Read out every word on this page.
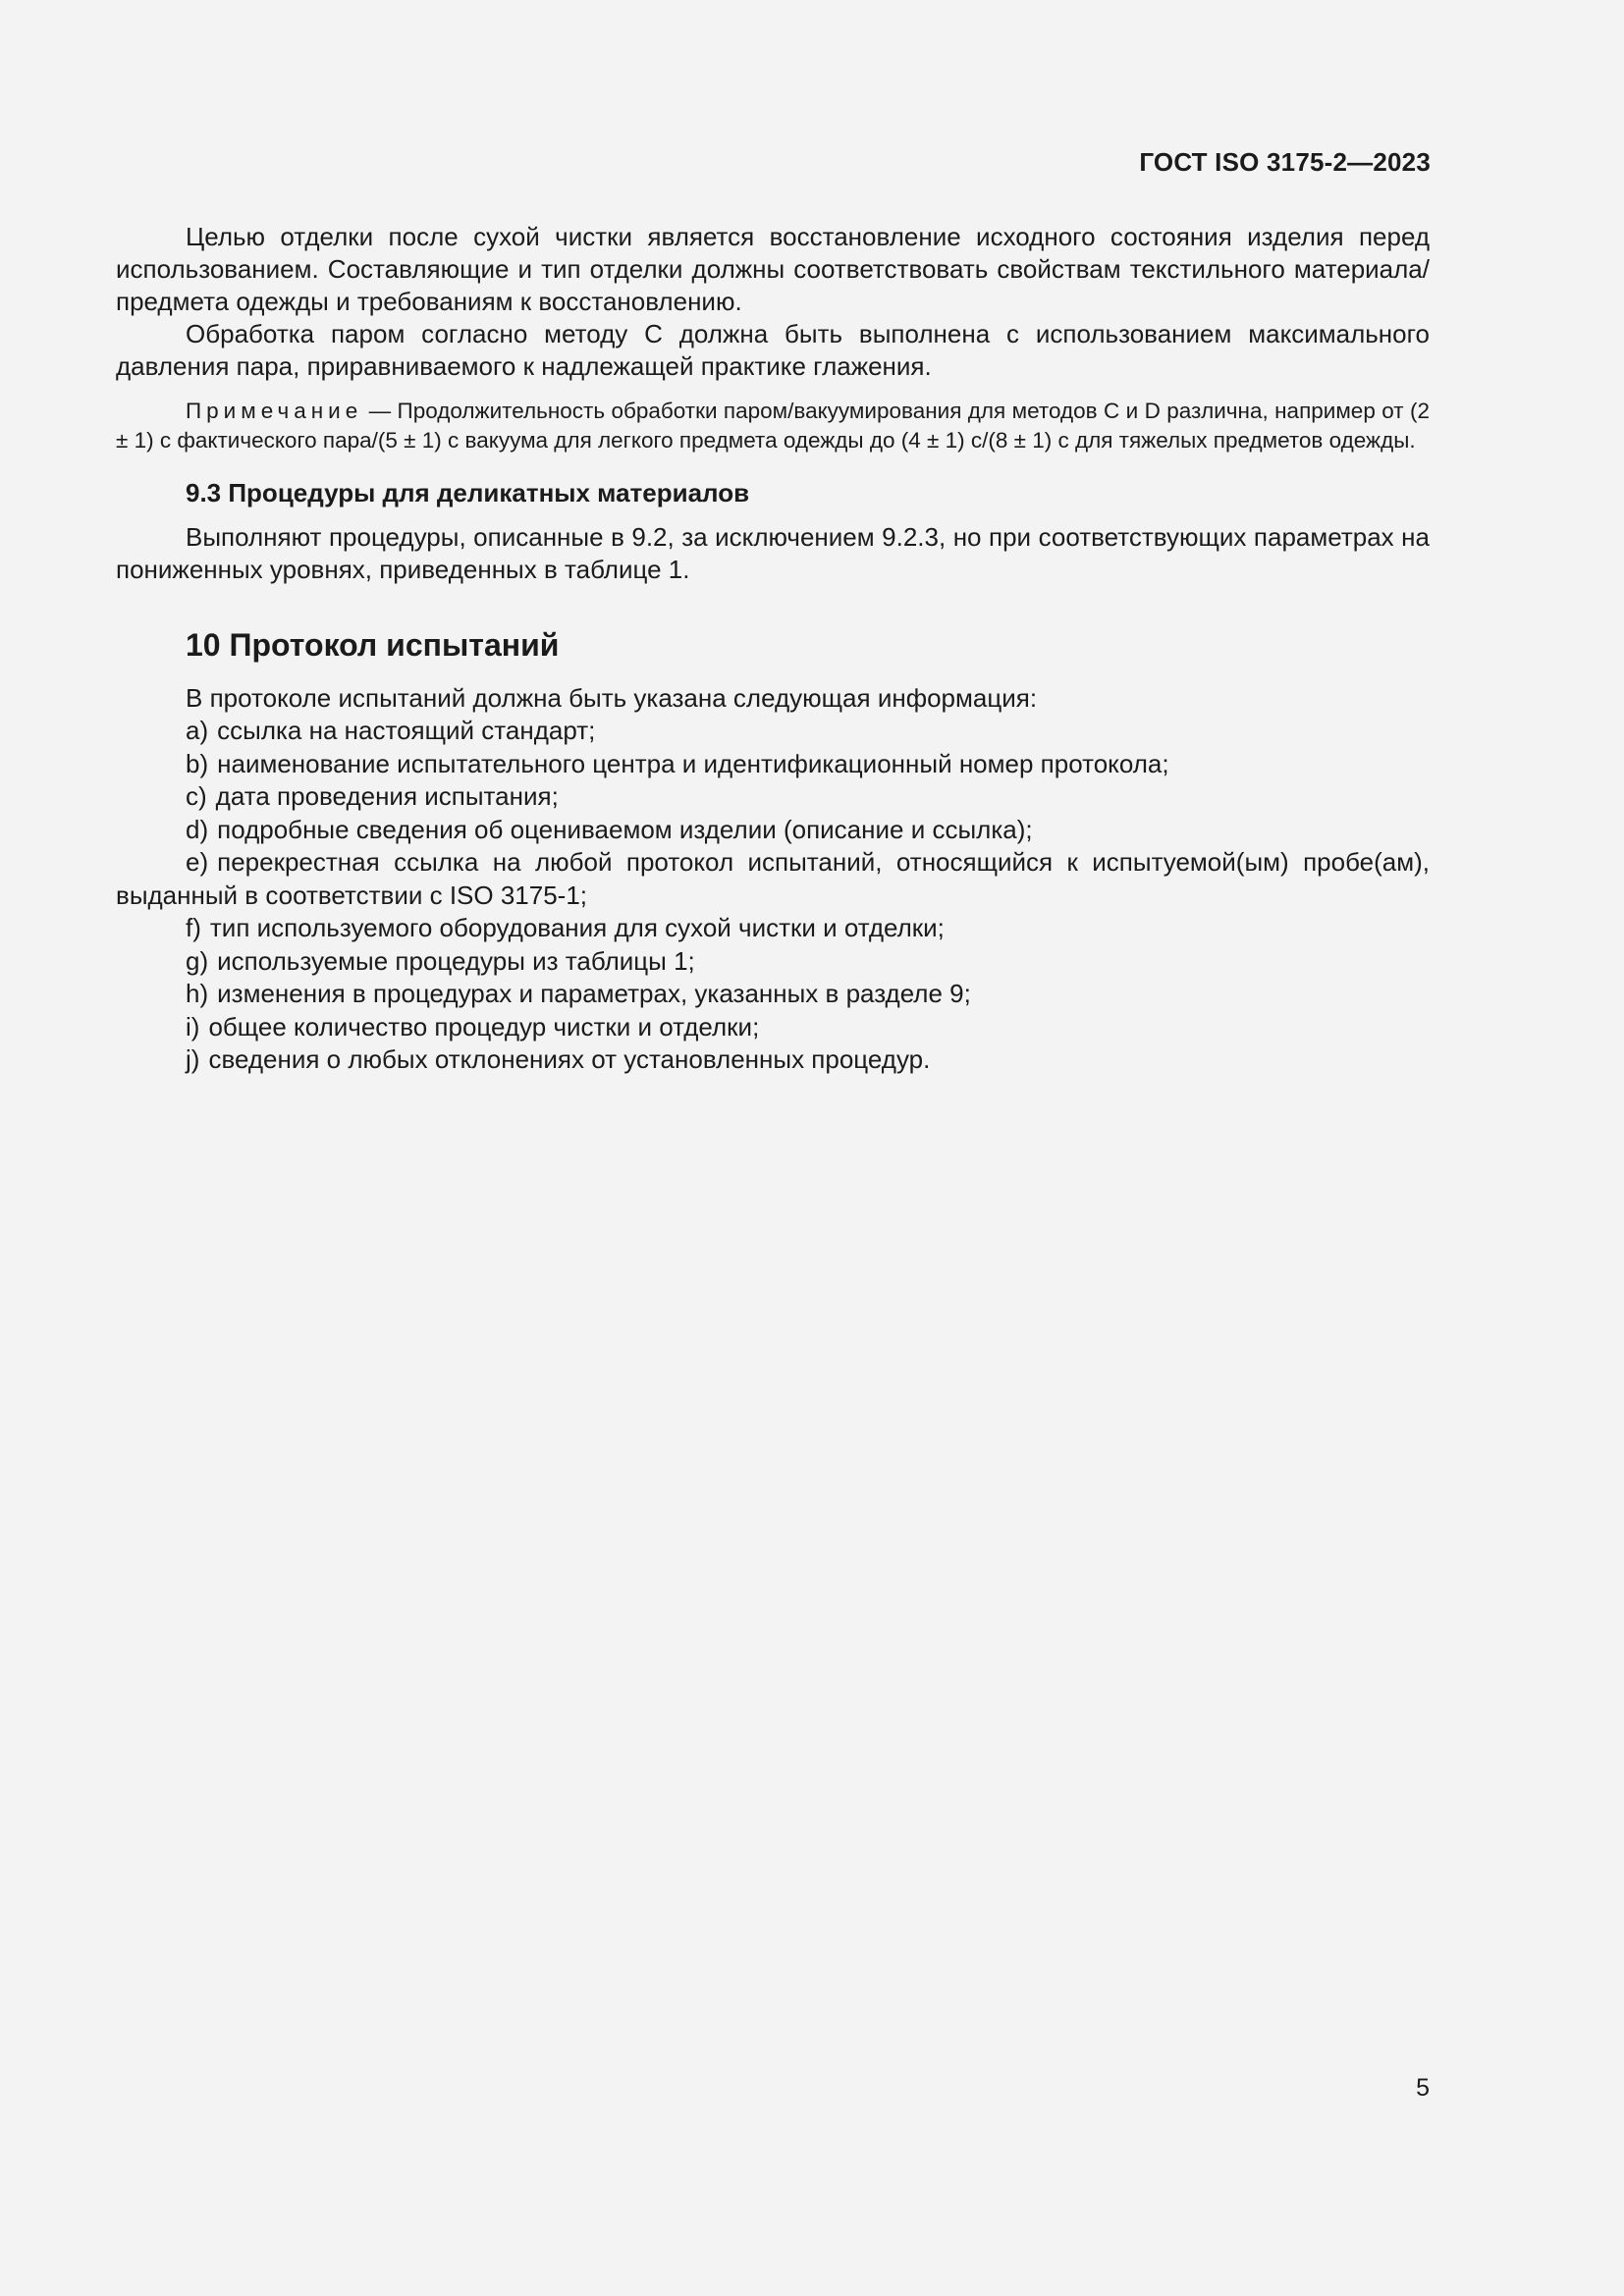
ГОСТ ISO 3175-2—2023

Целью отделки после сухой чистки является восстановление исходного состояния изделия перед использованием. Составляющие и тип отделки должны соответствовать свойствам текстильного материала/предмета одежды и требованиям к восстановлению.

Обработка паром согласно методу С должна быть выполнена с использованием максимального давления пара, приравниваемого к надлежащей практике глажения.

Примечание — Продолжительность обработки паром/вакуумирования для методов С и D различна, например от (2 ± 1) с фактического пара/(5 ± 1) с вакуума для легкого предмета одежды до (4 ± 1) с/(8 ± 1) с для тяжелых предметов одежды.

9.3 Процедуры для деликатных материалов

Выполняют процедуры, описанные в 9.2, за исключением 9.2.3, но при соответствующих параметрах на пониженных уровнях, приведенных в таблице 1.

10 Протокол испытаний

В протоколе испытаний должна быть указана следующая информация:

a) ссылка на настоящий стандарт;
b) наименование испытательного центра и идентификационный номер протокола;
c) дата проведения испытания;
d) подробные сведения об оцениваемом изделии (описание и ссылка);
e) перекрестная ссылка на любой протокол испытаний, относящийся к испытуемой(ым) пробе(ам), выданный в соответствии с ISO 3175-1;
f) тип используемого оборудования для сухой чистки и отделки;
g) используемые процедуры из таблицы 1;
h) изменения в процедурах и параметрах, указанных в разделе 9;
i) общее количество процедур чистки и отделки;
j) сведения о любых отклонениях от установленных процедур.
5
